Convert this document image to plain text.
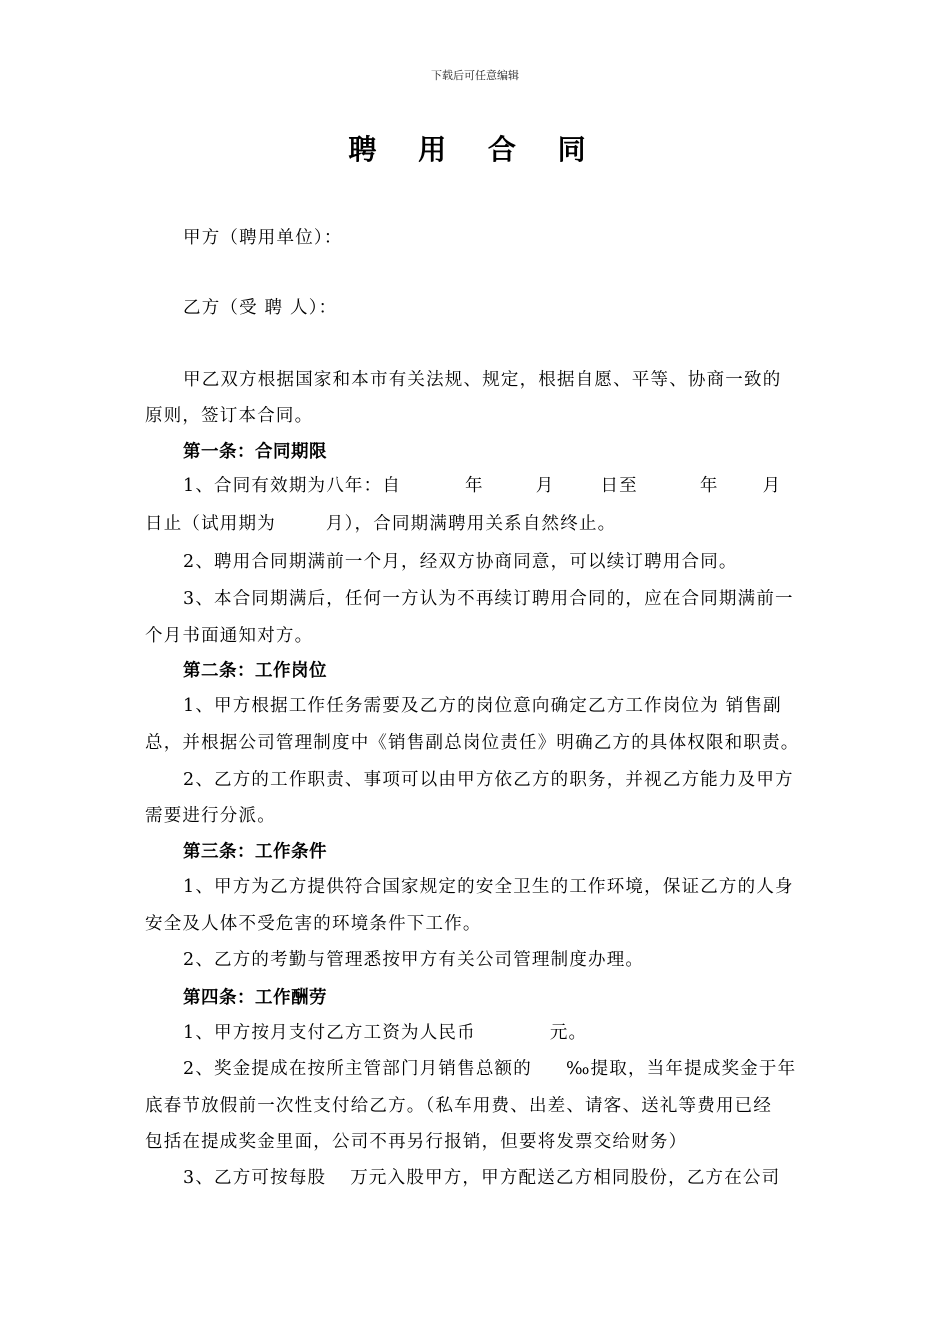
下载后可任意编辑
聘 用 合 同
甲方（聘用单位）：
乙方（受 聘 人）：
甲乙双方根据国家和本市有关法规、规定，根据自愿、平等、协商一致的
原则，签订本合同。
第一条：合同期限
1、合同有效期为八年：自	年	月	日至	年	月
日止（试用期为	月），合同期满聘用关系自然终止。
2、聘用合同期满前一个月，经双方协商同意，可以续订聘用合同。
3、本合同期满后，任何一方认为不再续订聘用合同的，应在合同期满前一
个月书面通知对方。
第二条：工作岗位
1、甲方根据工作任务需要及乙方的岗位意向确定乙方工作岗位为 销售副
总，并根据公司管理制度中《销售副总岗位责任》明确乙方的具体权限和职责。
2、乙方的工作职责、事项可以由甲方依乙方的职务，并视乙方能力及甲方
需要进行分派。
第三条：工作条件
1、甲方为乙方提供符合国家规定的安全卫生的工作环境，保证乙方的人身
安全及人体不受危害的环境条件下工作。
2、乙方的考勤与管理悉按甲方有关公司管理制度办理。
第四条：工作酬劳
1、甲方按月支付乙方工资为人民币	元。
2、奖金提成在按所主管部门月销售总额的 ‰提取，当年提成奖金于年
底春节放假前一次性支付给乙方。（私车用费、出差、请客、送礼等费用已经
包括在提成奖金里面，公司不再另行报销，但要将发票交给财务）
3、乙方可按每股 万元入股甲方，甲方配送乙方相同股份，乙方在公司
